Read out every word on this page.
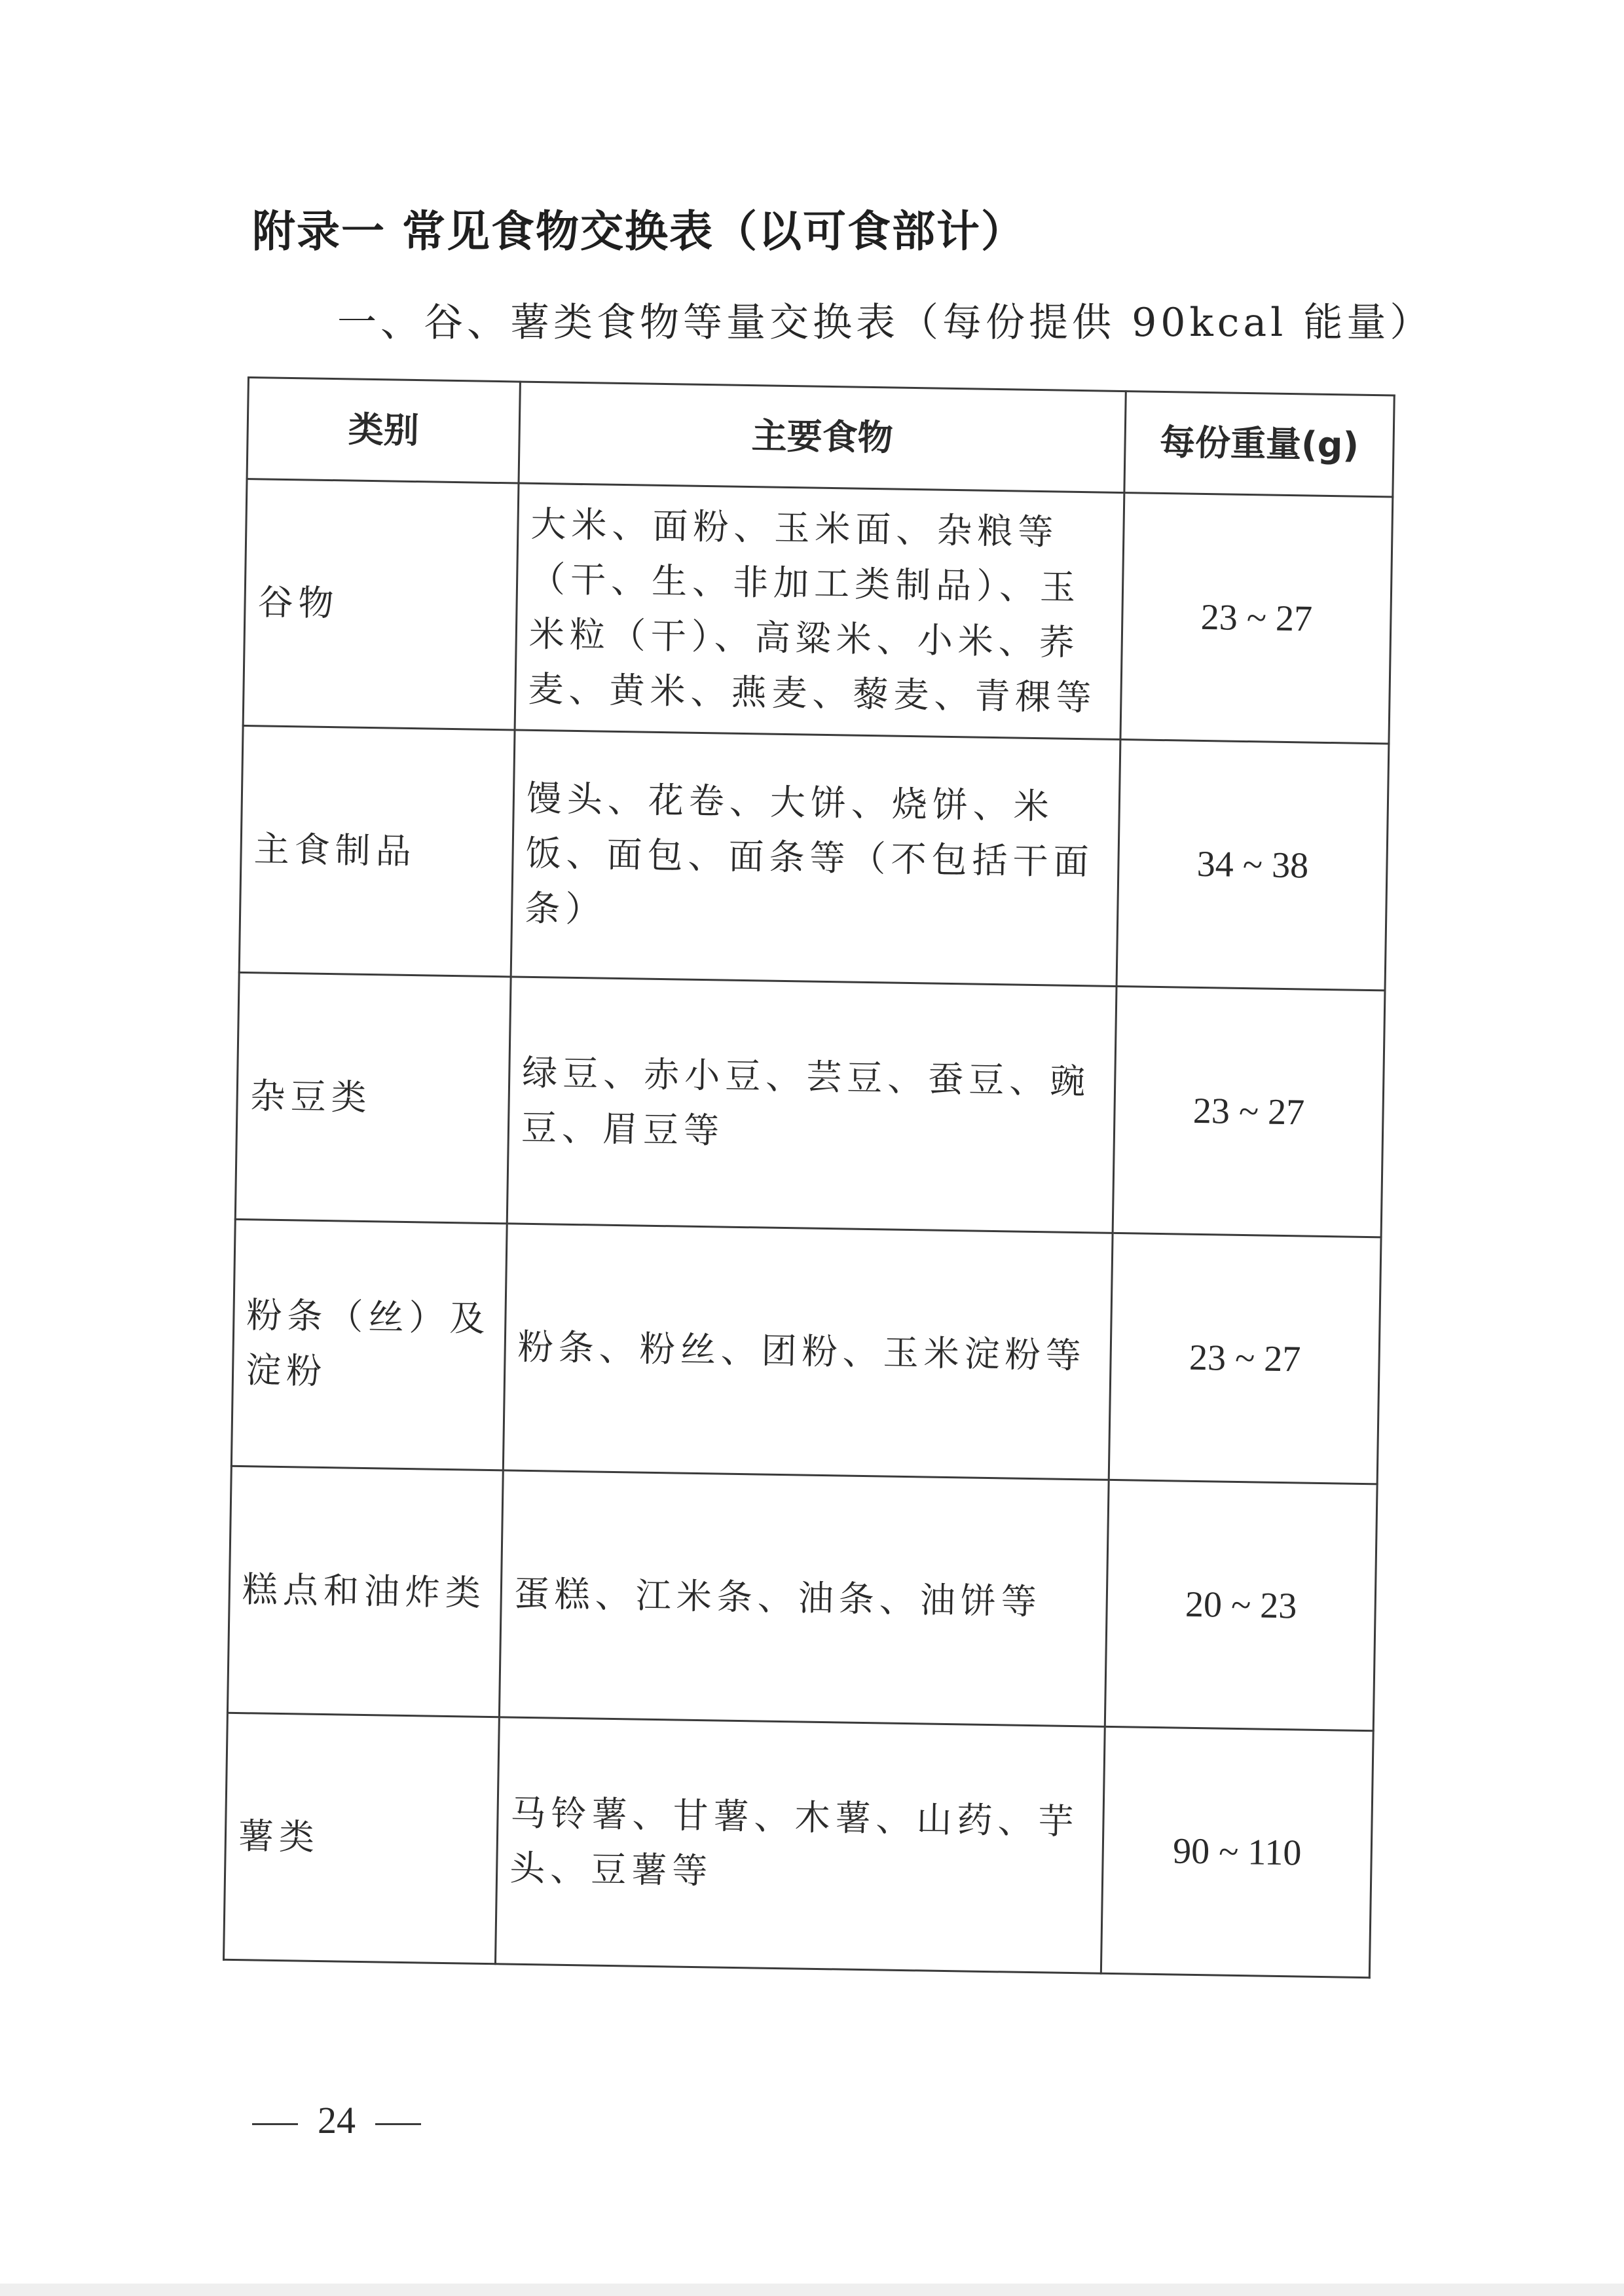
附录一 常见食物交换表（以可食部计）
一、谷、薯类食物等量交换表（每份提供 90kcal 能量）
类别	主要食物	每份重量(g)
谷物	大米、面粉、玉米面、杂粮等（干、生、非加工类制品）、玉米粒（干）、高粱米、小米、荞麦、黄米、燕麦、藜麦、青稞等	23 ~ 27
主食制品	馒头、花卷、大饼、烧饼、米饭、面包、面条等（不包括干面条）	34 ~ 38
杂豆类	绿豆、赤小豆、芸豆、蚕豆、豌豆、眉豆等	23 ~ 27
粉条（丝）及淀粉	粉条、粉丝、团粉、玉米淀粉等	23 ~ 27
糕点和油炸类	蛋糕、江米条、油条、油饼等	20 ~ 23
薯类	马铃薯、甘薯、木薯、山药、芋头、豆薯等	90 ~ 110
24
